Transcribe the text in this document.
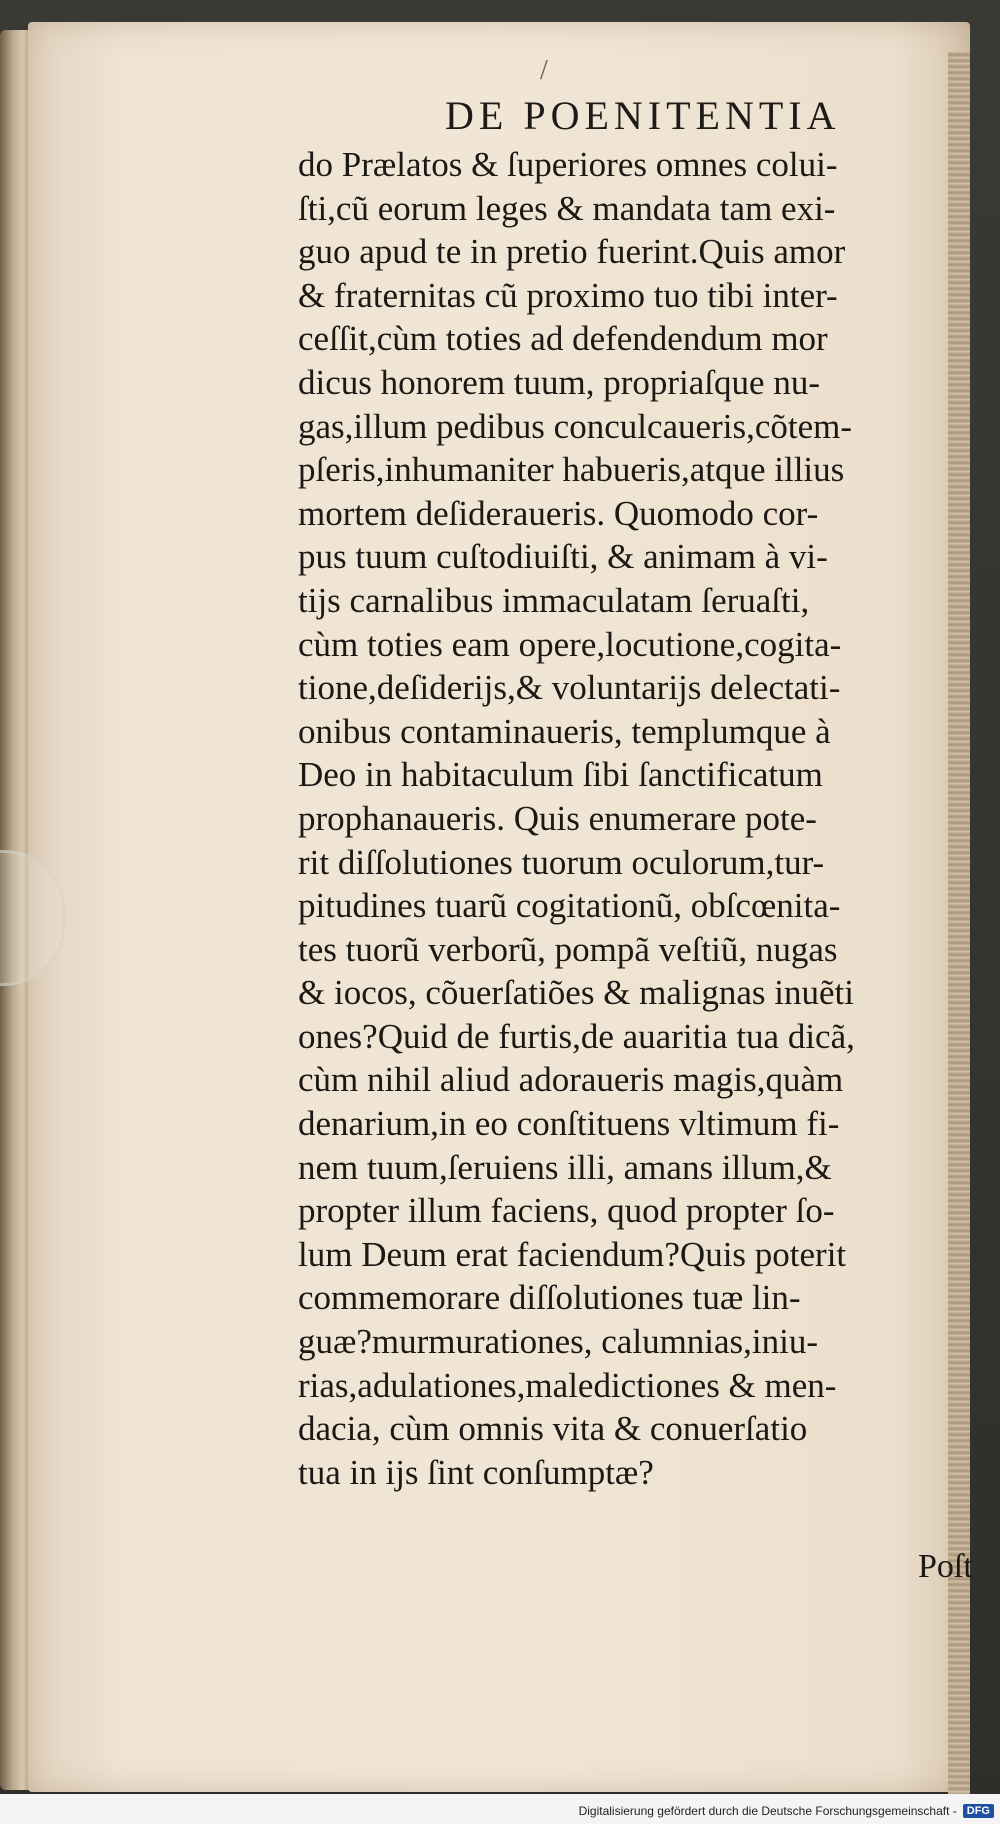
/
DE POENITENTIA
do Prælatos & ſuperiores omnes colui-
ſti,cũ eorum leges & mandata tam exi-
guo apud te in pretio fuerint.Quis amor
& fraternitas cũ proximo tuo tibi inter-
ceſſit,cùm toties ad defendendum mor
dicus honorem tuum, propriaſque nu-
gas,illum pedibus conculcaueris,cõtem-
pſeris,inhumaniter habueris,atque illius
mortem deſideraueris. Quomodo cor-
pus tuum cuſtodiuiſti, & animam à vi-
tijs carnalibus immaculatam ſeruaſti,
cùm toties eam opere,locutione,cogita-
tione,deſiderijs,& voluntarijs delectati-
onibus contaminaueris, templumque à
Deo in habitaculum ſibi ſanctificatum
prophanaueris. Quis enumerare pote-
rit diſſolutiones tuorum oculorum,tur-
pitudines tuarũ cogitationũ, obſcœnita-
tes tuorũ verborũ, pompã veſtiũ, nugas
& iocos, cõuerſatiões & malignas inuẽti
ones?Quid de furtis,de auaritia tua dicã,
cùm nihil aliud adoraueris magis,quàm
denarium,in eo conſtituens vltimum fi-
nem tuum,ſeruiens illi, amans illum,&
propter illum faciens, quod propter ſo-
lum Deum erat faciendum?Quis poterit
commemorare diſſolutiones tuæ lin-
guæ?murmurationes, calumnias,iniu-
rias,adulationes,maledictiones & men-
dacia, cùm omnis vita & conuerſatio
tua in ijs ſint conſumptæ?
Poſt
Digitalisierung gefördert durch die Deutsche Forschungsgemeinschaft - DFG
